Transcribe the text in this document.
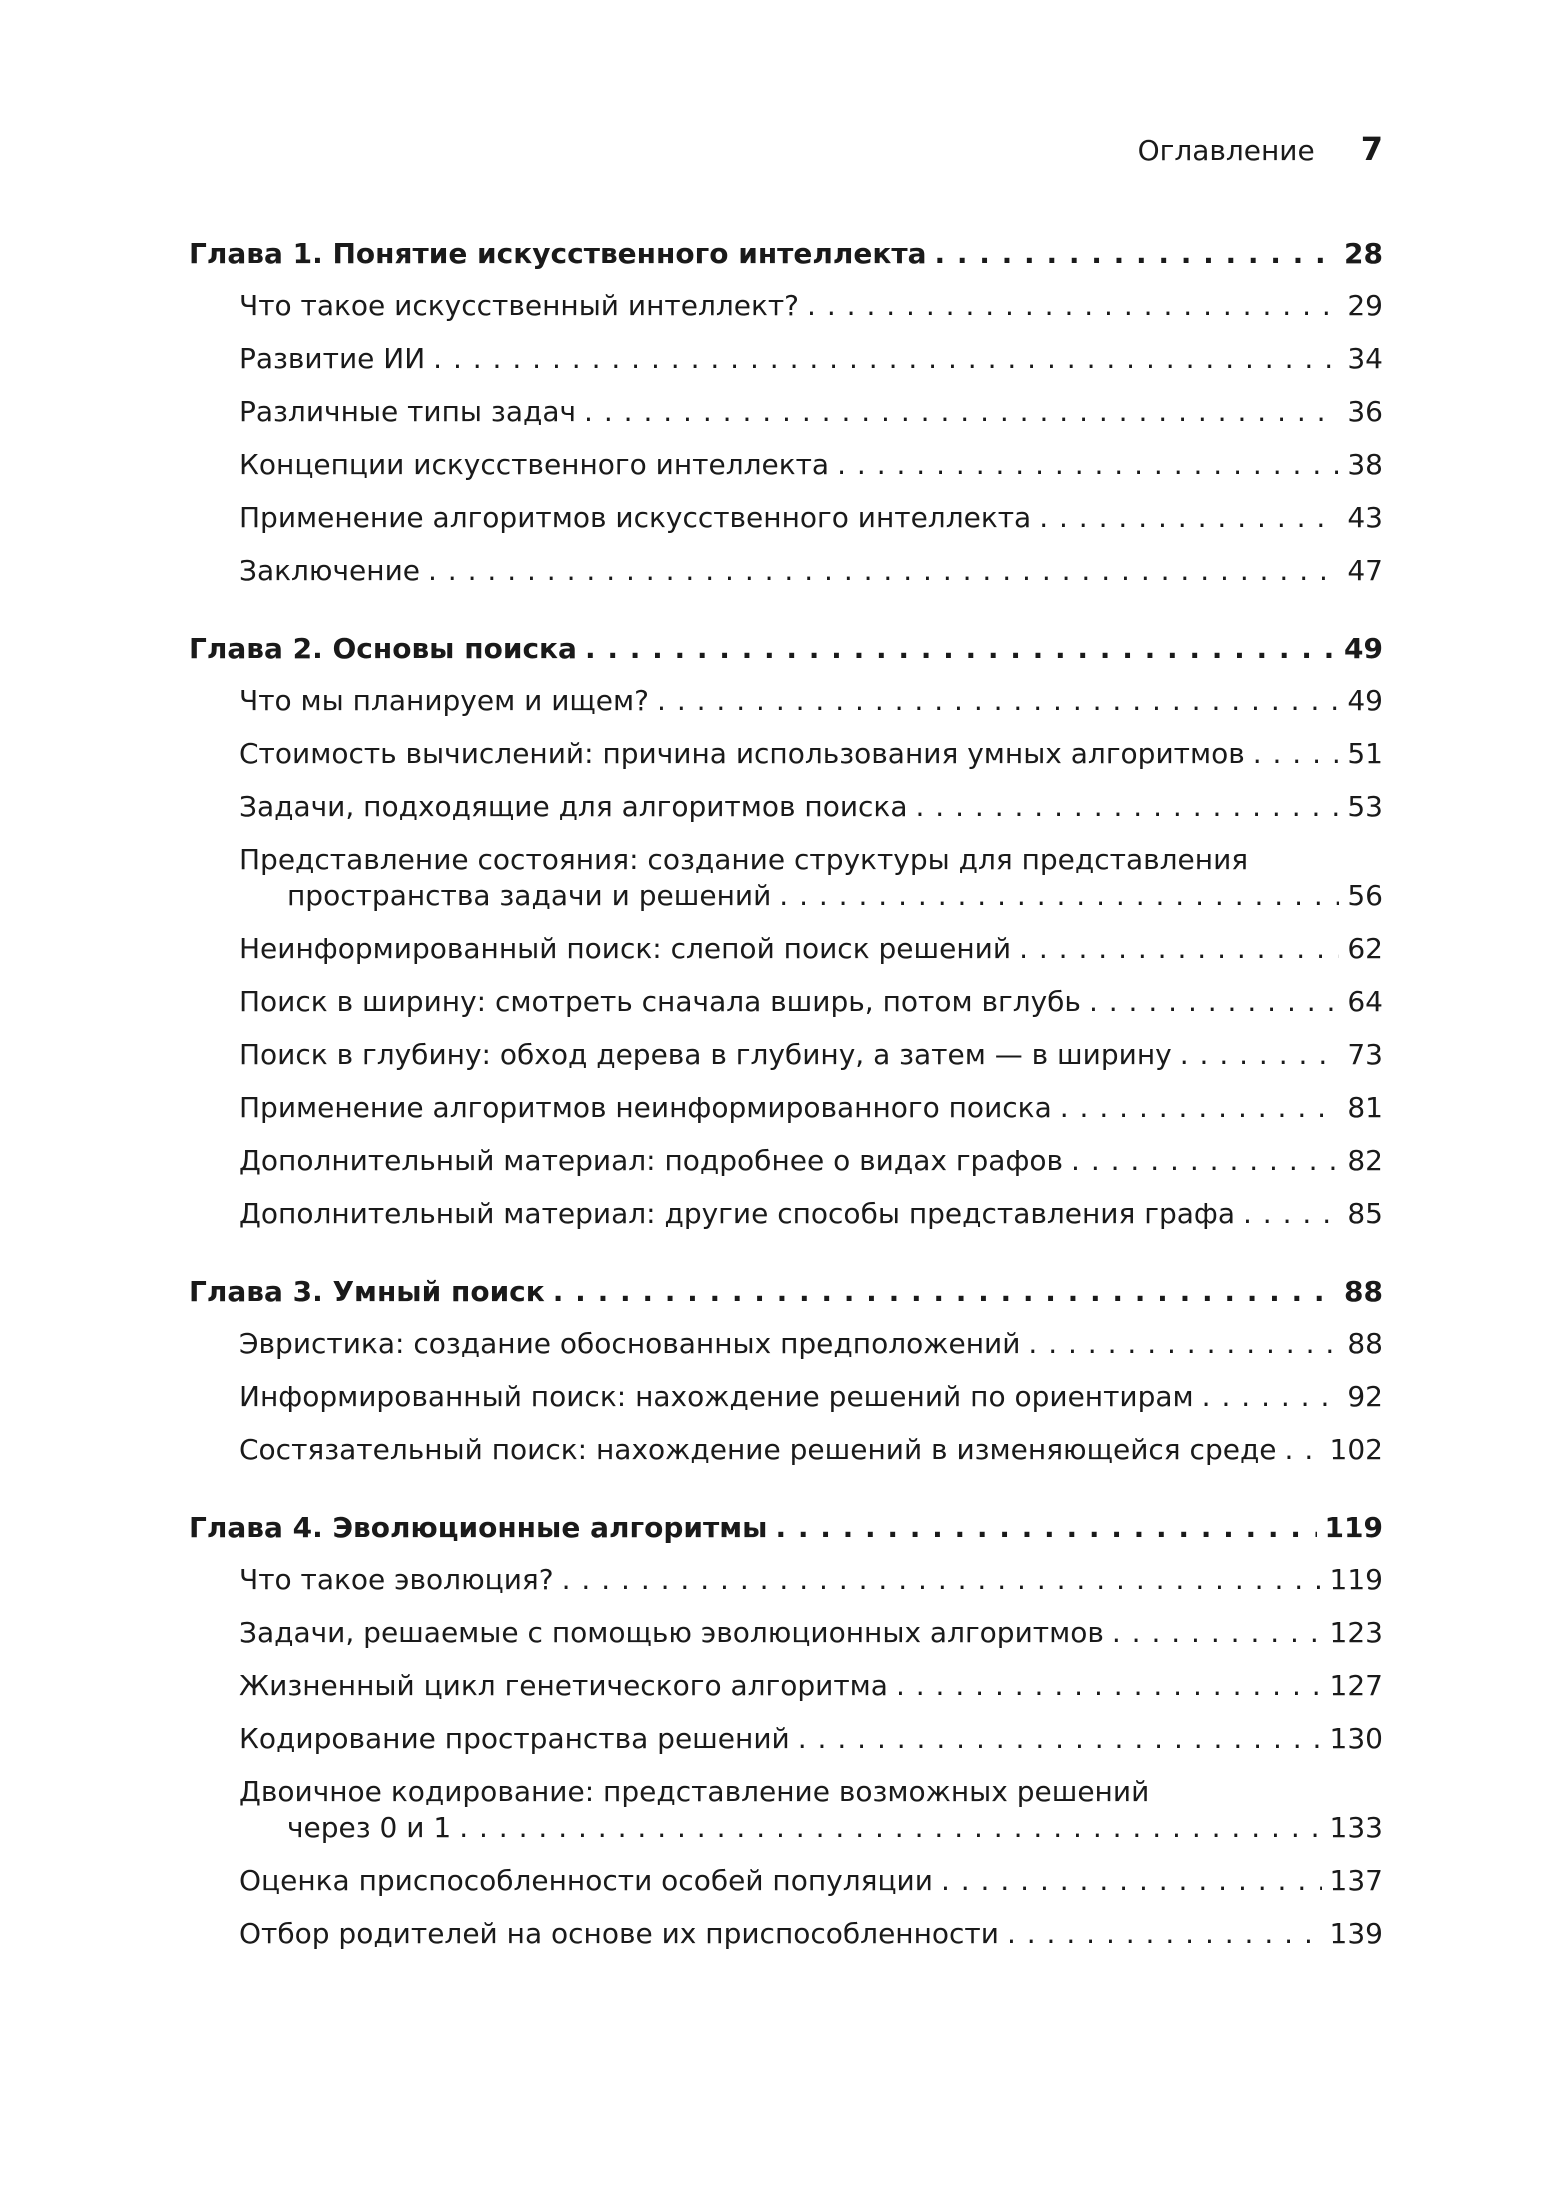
Оглавление 7
Глава 1. Понятие искусственного интеллекта . . .	28
Что такое искусственный интеллект? . . .	29
Развитие ИИ . . .	34
Различные типы задач . . .	36
Концепции искусственного интеллекта . . .	38
Применение алгоритмов искусственного интеллекта . . .	43
Заключение . . .	47
Глава 2. Основы поиска . . .	49
Что мы планируем и ищем? . . .	49
Стоимость вычислений: причина использования умных алгоритмов . . .	51
Задачи, подходящие для алгоритмов поиска . . .	53
Представление состояния: создание структуры для представления
пространства задачи и решений . . .	56
Неинформированный поиск: слепой поиск решений . . .	62
Поиск в ширину: смотреть сначала вширь, потом вглубь . . .	64
Поиск в глубину: обход дерева в глубину, а затем — в ширину . . .	73
Применение алгоритмов неинформированного поиска . . .	81
Дополнительный материал: подробнее о видах графов . . .	82
Дополнительный материал: другие способы представления графа . . .	85
Глава 3. Умный поиск . . .	88
Эвристика: создание обоснованных предположений . . .	88
Информированный поиск: нахождение решений по ориентирам . . .	92
Состязательный поиск: нахождение решений в изменяющейся среде . . . 102
Глава 4. Эволюционные алгоритмы . . .	119
Что такое эволюция? . . .	119
Задачи, решаемые с помощью эволюционных алгоритмов . . .	123
Жизненный цикл генетического алгоритма . . .	127
Кодирование пространства решений . . .	130
Двоичное кодирование: представление возможных решений
через 0 и 1 . . .	133
Оценка приспособленности особей популяции . . .	137
Отбор родителей на основе их приспособленности . . .	139
